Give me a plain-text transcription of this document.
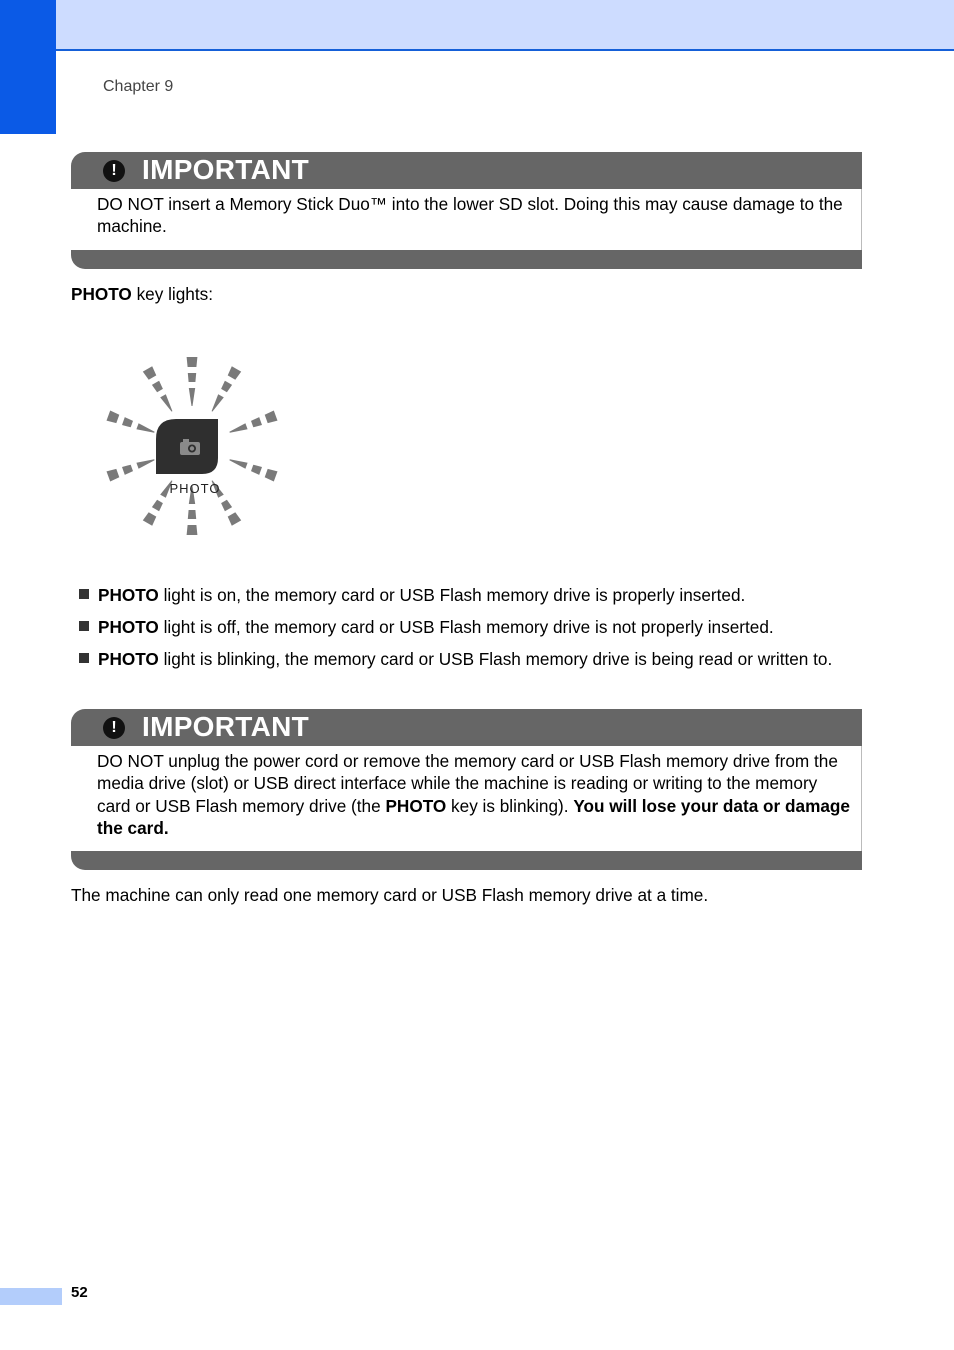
Chapter 9
! IMPORTANT
DO NOT insert a Memory Stick Duo™ into the lower SD slot. Doing this may cause damage to the machine.
PHOTO key lights:
PHOTO
PHOTO light is on, the memory card or USB Flash memory drive is properly inserted.
PHOTO light is off, the memory card or USB Flash memory drive is not properly inserted.
PHOTO light is blinking, the memory card or USB Flash memory drive is being read or written to.
! IMPORTANT
DO NOT unplug the power cord or remove the memory card or USB Flash memory drive from the media drive (slot) or USB direct interface while the machine is reading or writing to the memory card or USB Flash memory drive (the PHOTO key is blinking). You will lose your data or damage the card.
The machine can only read one memory card or USB Flash memory drive at a time.
52
